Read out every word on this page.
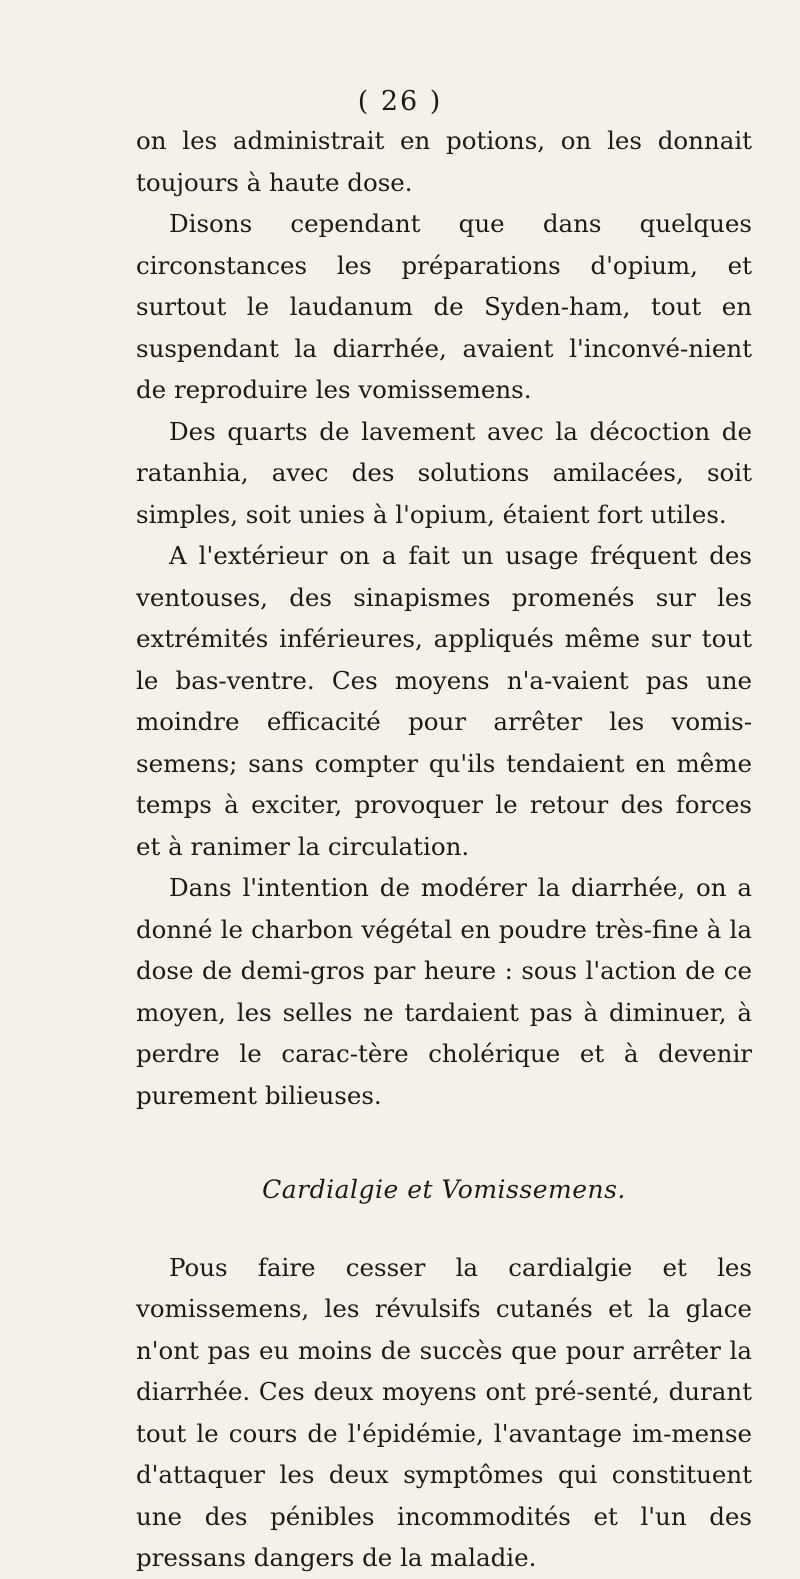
( 26 )

on les administrait en potions, on les donnait toujours à haute dose.

Disons cependant que dans quelques circonstances les préparations d'opium, et surtout le laudanum de Syden-ham, tout en suspendant la diarrhée, avaient l'inconvé-nient de reproduire les vomissemens.

Des quarts de lavement avec la décoction de ratanhia, avec des solutions amilacées, soit simples, soit unies à l'opium, étaient fort utiles.

A l'extérieur on a fait un usage fréquent des ventouses, des sinapismes promenés sur les extrémités inférieures, appliqués même sur tout le bas-ventre. Ces moyens n'a-vaient pas une moindre efficacité pour arrêter les vomis-semens; sans compter qu'ils tendaient en même temps à exciter, provoquer le retour des forces et à ranimer la circulation.

Dans l'intention de modérer la diarrhée, on a donné le charbon végétal en poudre très-fine à la dose de demi-gros par heure : sous l'action de ce moyen, les selles ne tardaient pas à diminuer, à perdre le carac-tère cholérique et à devenir purement bilieuses.

Cardialgie et Vomissemens.

Pous faire cesser la cardialgie et les vomissemens, les révulsifs cutanés et la glace n'ont pas eu moins de succès que pour arrêter la diarrhée. Ces deux moyens ont pré-senté, durant tout le cours de l'épidémie, l'avantage im-mense d'attaquer les deux symptômes qui constituent une des pénibles incommodités et l'un des pressans dangers de la maladie.
